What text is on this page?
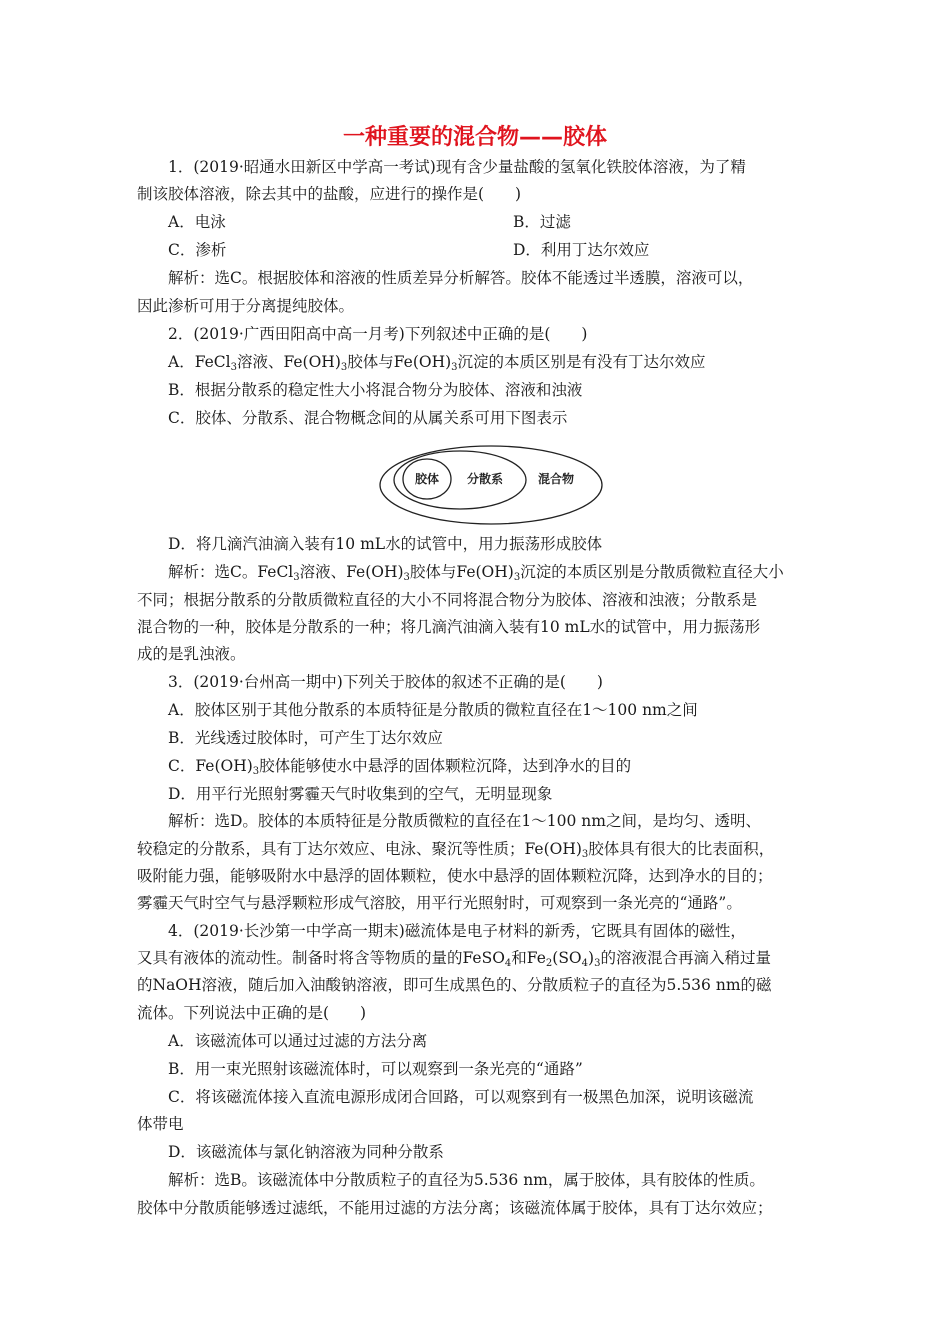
一种重要的混合物——胶体
1．(2019·昭通水田新区中学高一考试)现有含少量盐酸的氢氧化铁胶体溶液，为了精
制该胶体溶液，除去其中的盐酸，应进行的操作是(　　)
A．电泳	B．过滤
C．渗析	D．利用丁达尔效应
解析：选C。根据胶体和溶液的性质差异分析解答。胶体不能透过半透膜，溶液可以，
因此渗析可用于分离提纯胶体。
2．(2019·广西田阳高中高一月考)下列叙述中正确的是(　　)
A．FeCl$_3$溶液、$Fe(OH)_3$胶体与$Fe(OH)_3$沉淀的本质区别是有没有丁达尔效应
B．根据分散系的稳定性大小将混合物分为胶体、溶液和浊液
C．胶体、分散系、混合物概念间的从属关系可用下图表示
胶体 分散系	混合物
D．将几滴汽油滴入装有10 mL水的试管中，用力振荡形成胶体
解析：选C。FeCl$_3$溶液、$Fe(OH)_3$胶体与$Fe(OH)_3$沉淀的本质区别是分散质微粒直径大小
不同；根据分散系的分散质微粒直径的大小不同将混合物分为胶体、溶液和浊液；分散系是
混合物的一种，胶体是分散系的一种；将几滴汽油滴入装有10 mL水的试管中，用力振荡形
成的是乳浊液。
3．(2019·台州高一期中)下列关于胶体的叙述不正确的是(　　)
A．胶体区别于其他分散系的本质特征是分散质的微粒直径在1～100 nm之间
B．光线透过胶体时，可产生丁达尔效应
C．$Fe(OH)_3$胶体能够使水中悬浮的固体颗粒沉降，达到净水的目的
D．用平行光照射雾霾天气时收集到的空气，无明显现象
解析：选D。胶体的本质特征是分散质微粒的直径在1～100 nm之间，是均匀、透明、
较稳定的分散系，具有丁达尔效应、电泳、聚沉等性质；$Fe(OH)_3$胶体具有很大的比表面积，
吸附能力强，能够吸附水中悬浮的固体颗粒，使水中悬浮的固体颗粒沉降，达到净水的目的；
雾霾天气时空气与悬浮颗粒形成气溶胶，用平行光照射时，可观察到一条光亮的“通路”。
4．(2019·长沙第一中学高一期末)磁流体是电子材料的新秀，它既具有固体的磁性，
又具有液体的流动性。制备时将含等物质的量的FeSO$_4$和$Fe_2(SO_4)_3$的溶液混合再滴入稍过量
的NaOH溶液，随后加入油酸钠溶液，即可生成黑色的、分散质粒子的直径为5.536 nm的磁
流体。下列说法中正确的是(　　)
A．该磁流体可以通过过滤的方法分离
B．用一束光照射该磁流体时，可以观察到一条光亮的“通路”
C．将该磁流体接入直流电源形成闭合回路，可以观察到有一极黑色加深，说明该磁流
体带电
D．该磁流体与氯化钠溶液为同种分散系
解析：选B。该磁流体中分散质粒子的直径为5.536 nm，属于胶体，具有胶体的性质。
胶体中分散质能够透过滤纸，不能用过滤的方法分离；该磁流体属于胶体，具有丁达尔效应；
